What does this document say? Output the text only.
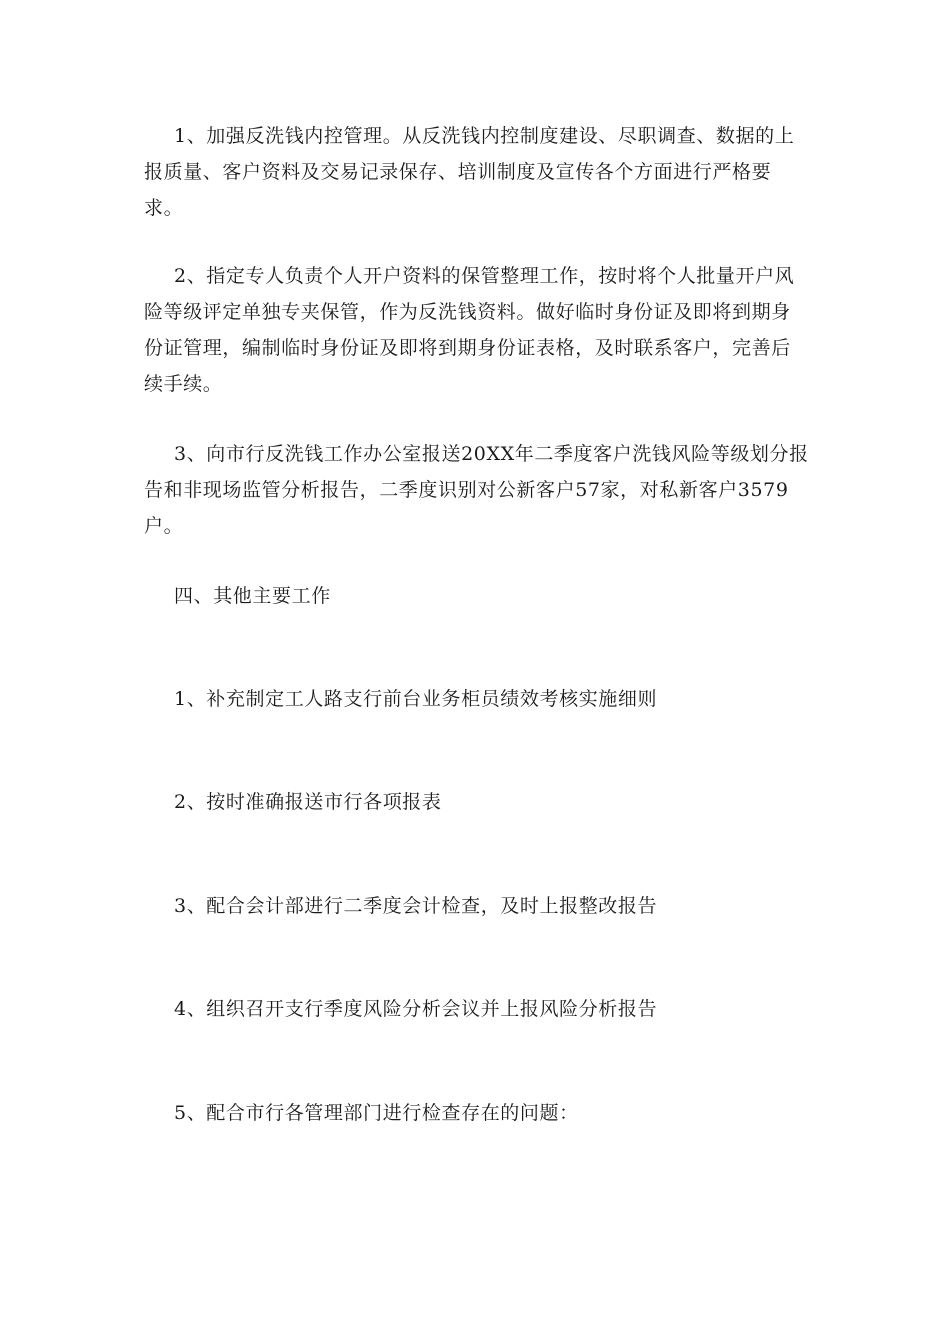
1、加强反洗钱内控管理。从反洗钱内控制度建设、尽职调查、数据的上报质量、客户资料及交易记录保存、培训制度及宣传各个方面进行严格要求。

2、指定专人负责个人开户资料的保管整理工作，按时将个人批量开户风险等级评定单独专夹保管，作为反洗钱资料。做好临时身份证及即将到期身份证管理，编制临时身份证及即将到期身份证表格，及时联系客户，完善后续手续。

3、向市行反洗钱工作办公室报送20XX年二季度客户洗钱风险等级划分报告和非现场监管分析报告，二季度识别对公新客户57家，对私新客户3579户。

四、其他主要工作

1、补充制定工人路支行前台业务柜员绩效考核实施细则

2、按时准确报送市行各项报表

3、配合会计部进行二季度会计检查，及时上报整改报告

4、组织召开支行季度风险分析会议并上报风险分析报告

5、配合市行各管理部门进行检查存在的问题：
